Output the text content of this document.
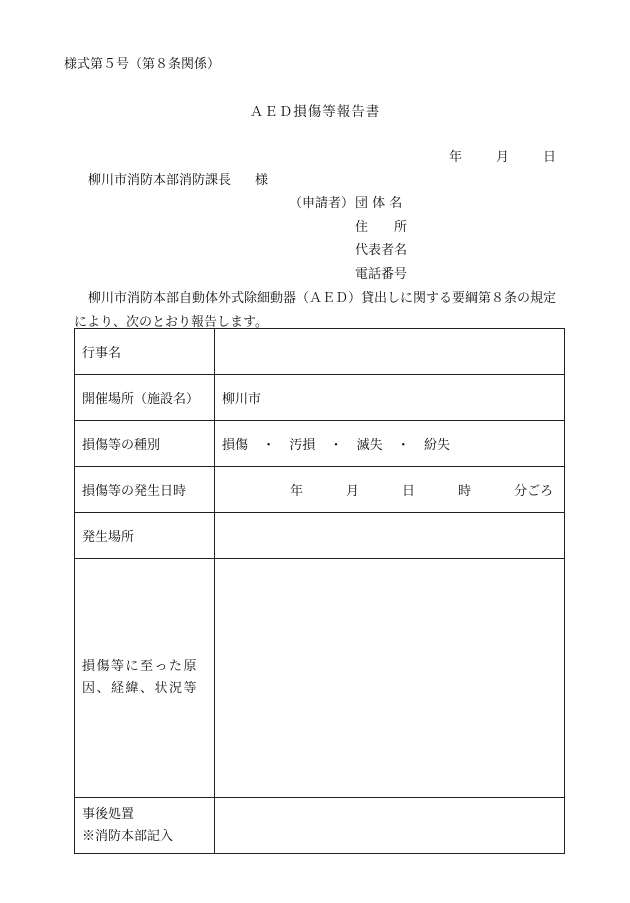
様式第５号（第８条関係）
ＡＥＤ損傷等報告書
年	月	日
柳川市消防本部消防課長 様
（申請者） 団 体 名
住　　所
代表者名
電話番号
柳川市消防本部自動体外式除細動器（ＡＥＤ）貸出しに関する要綱第８条の規定により、次のとおり報告します。
行事名	
開催場所（施設名）	柳川市
損傷等の種別	損傷 ・ 汚損 ・ 滅失 ・ 紛失
損傷等の発生日時	年 月 日 時 分ごろ
発生場所	

損傷等に至った原因、経緯、状況等	

事後処置
※消防本部記入	
